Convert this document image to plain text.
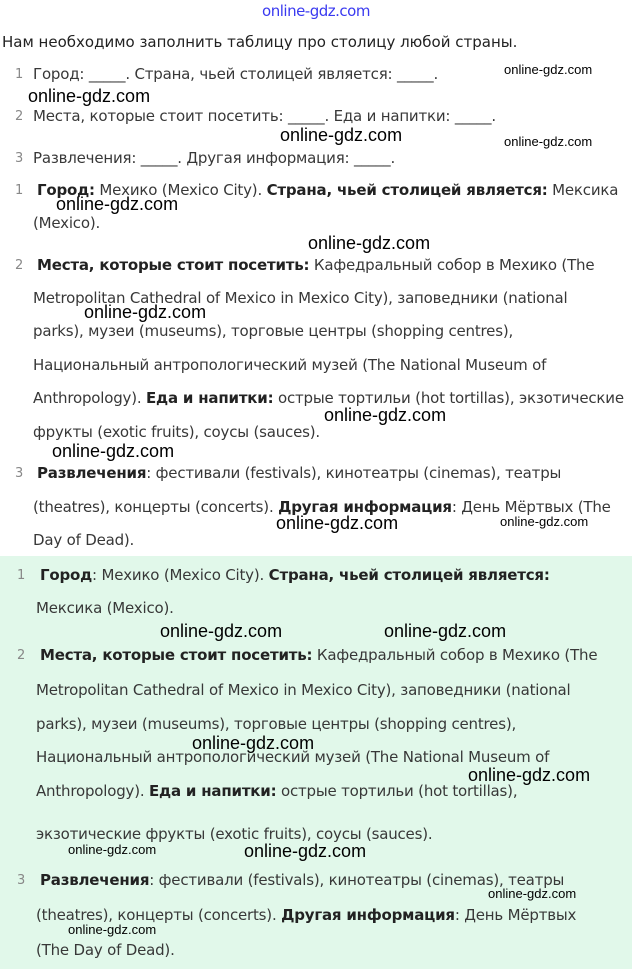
online-gdz.com
Нам необходимо заполнить таблицу про столицу любой страны.
1 Город: _____. Страна, чьей столицей является: _____.
2 Места, которые стоит посетить: _____. Еда и напитки: _____.
3 Развлечения: _____. Другая информация: _____.
1 Город: Мехико (Mexico City). Страна, чьей столицей является: Мексика
(Mexico).
2 Места, которые стоит посетить: Кафедральный собор в Мехико (The
Metropolitan Cathedral of Mexico in Mexico City), заповедники (national
parks), музеи (museums), торговые центры (shopping centres),
Национальный антропологический музей (The National Museum of
Anthropology). Еда и напитки: острые тортильи (hot tortillas), экзотические
фрукты (exotic fruits), соусы (sauces).
3 Развлечения: фестивали (festivals), кинотеатры (cinemas), театры
(theatres), концерты (concerts). Другая информация: День Мёртвых (The
Day of Dead).
1 Город: Мехико (Mexico City). Страна, чьей столицей является:
Мексика (Mexico).
2 Места, которые стоит посетить: Кафедральный собор в Мехико (The
Metropolitan Cathedral of Mexico in Mexico City), заповедники (national
parks), музеи (museums), торговые центры (shopping centres),
Национальный антропологический музей (The National Museum of
Anthropology). Еда и напитки: острые тортильи (hot tortillas),
экзотические фрукты (exotic fruits), соусы (sauces).
3 Развлечения: фестивали (festivals), кинотеатры (cinemas), театры
(theatres), концерты (concerts). Другая информация: День Мёртвых
(The Day of Dead).
online-gdz.com
online-gdz.com
online-gdz.com	online-gdz.com
online-gdz.com
online-gdz.com
online-gdz.com
online-gdz.com
online-gdz.com
online-gdz.com	online-gdz.com
online-gdz.com	online-gdz.com
online-gdz.com
online-gdz.com
online-gdz.com	online-gdz.com
online-gdz.com
online-gdz.com
